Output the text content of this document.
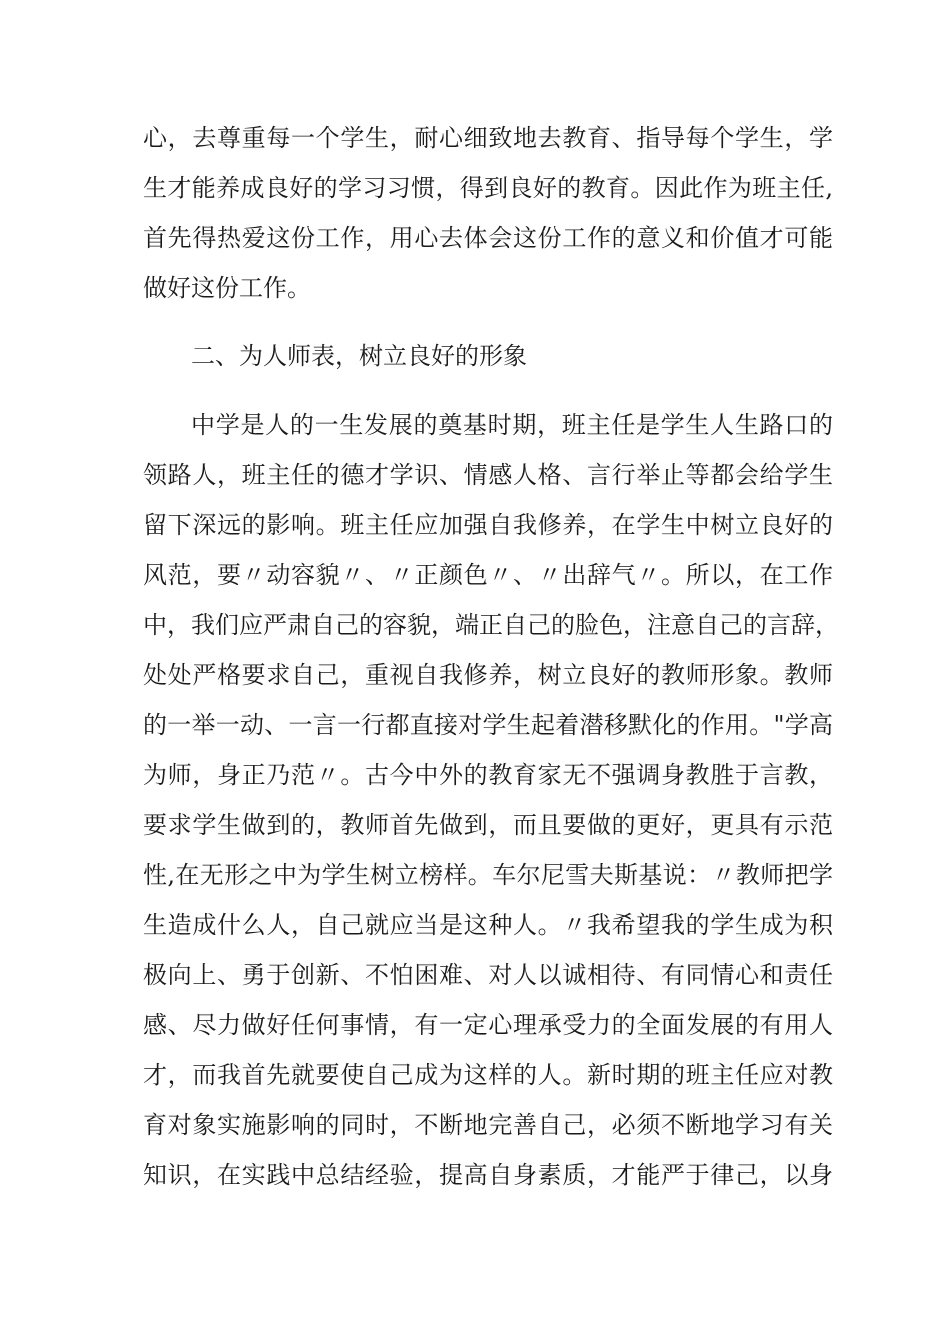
心，去尊重每一个学生，耐心细致地去教育、指导每个学生，学
生才能养成良好的学习习惯，得到良好的教育。因此作为班主任,
首先得热爱这份工作，用心去体会这份工作的意义和价值才可能
做好这份工作。
二、为人师表，树立良好的形象
中学是人的一生发展的奠基时期，班主任是学生人生路口的
领路人，班主任的德才学识、情感人格、言行举止等都会给学生
留下深远的影响。班主任应加强自我修养，在学生中树立良好的
风范，要〃动容貌〃、〃正颜色〃、〃出辞气〃。所以，在工作
中，我们应严肃自己的容貌，端正自己的脸色，注意自己的言辞，
处处严格要求自己，重视自我修养，树立良好的教师形象。教师
的一举一动、一言一行都直接对学生起着潜移默化的作用。"学高
为师，身正乃范〃。古今中外的教育家无不强调身教胜于言教，
要求学生做到的，教师首先做到，而且要做的更好，更具有示范
性,在无形之中为学生树立榜样。车尔尼雪夫斯基说：〃教师把学
生造成什么人，自己就应当是这种人。〃我希望我的学生成为积
极向上、勇于创新、不怕困难、对人以诚相待、有同情心和责任
感、尽力做好任何事情，有一定心理承受力的全面发展的有用人
才，而我首先就要使自己成为这样的人。新时期的班主任应对教
育对象实施影响的同时，不断地完善自己，必须不断地学习有关
知识，在实践中总结经验，提高自身素质，才能严于律己，以身
